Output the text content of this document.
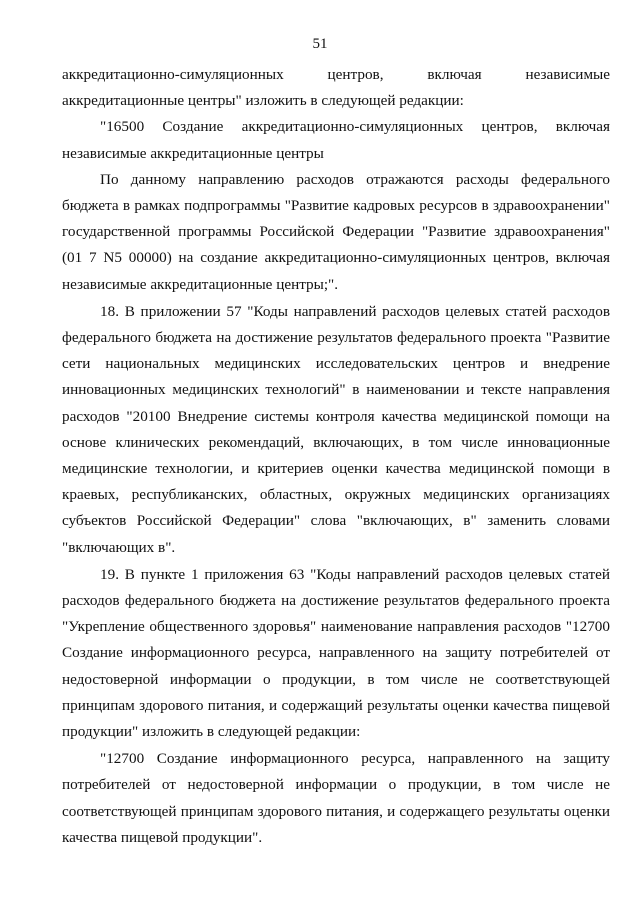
51

аккредитационно-симуляционных центров, включая независимые аккредитационные центры" изложить в следующей редакции:

"16500 Создание аккредитационно-симуляционных центров, включая независимые аккредитационные центры

По данному направлению расходов отражаются расходы федерального бюджета в рамках подпрограммы "Развитие кадровых ресурсов в здравоохранении" государственной программы Российской Федерации "Развитие здравоохранения" (01 7 N5 00000) на создание аккредитационно-симуляционных центров, включая независимые аккредитационные центры;".

18. В приложении 57 "Коды направлений расходов целевых статей расходов федерального бюджета на достижение результатов федерального проекта "Развитие сети национальных медицинских исследовательских центров и внедрение инновационных медицинских технологий" в наименовании и тексте направления расходов "20100 Внедрение системы контроля качества медицинской помощи на основе клинических рекомендаций, включающих, в том числе инновационные медицинские технологии, и критериев оценки качества медицинской помощи в краевых, республиканских, областных, окружных медицинских организациях субъектов Российской Федерации" слова "включающих, в" заменить словами "включающих в".

19. В пункте 1 приложения 63 "Коды направлений расходов целевых статей расходов федерального бюджета на достижение результатов федерального проекта "Укрепление общественного здоровья" наименование направления расходов "12700 Создание информационного ресурса, направленного на защиту потребителей от недостоверной информации о продукции, в том числе не соответствующей принципам здорового питания, и содержащий результаты оценки качества пищевой продукции" изложить в следующей редакции:

"12700 Создание информационного ресурса, направленного на защиту потребителей от недостоверной информации о продукции, в том числе не соответствующей принципам здорового питания, и содержащего результаты оценки качества пищевой продукции".
